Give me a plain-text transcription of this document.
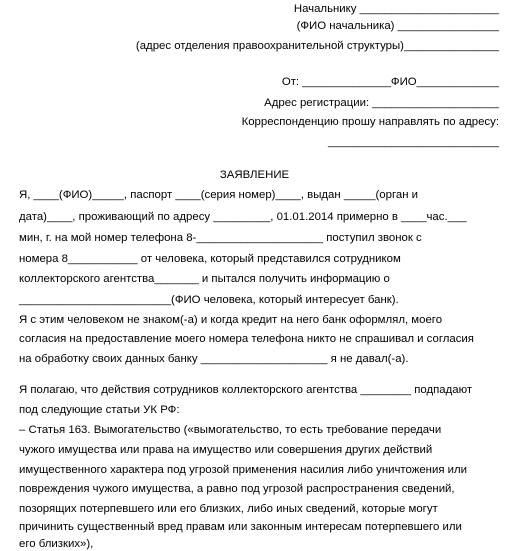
Начальнику ______________________
(ФИО начальника) ________________
(адрес отделения правоохранительной структуры)_______________
От: ______________ФИО_____________
Адрес регистрации: ____________________
Корреспонденцию прошу направлять по адресу:
___________________________
ЗАЯВЛЕНИЕ
Я, ____(ФИО)_____, паспорт ____(серия номер)____, выдан _____(орган и
дата)____, проживающий по адресу _________, 01.01.2014 примерно в ____час.___
мин, г. на мой номер телефона 8-____________________ поступил звонок с
номера 8___________ от человека, который представился сотрудником
коллекторского агентства_______ и пытался получить информацию о
________________________(ФИО человека, который интересует банк).
Я с этим человеком не знаком(-а) и когда кредит на него банк оформлял, моего
согласия на предоставление моего номера телефона никто не спрашивал и согласия
на обработку своих данных банку ____________________ я не давал(-а).
Я полагаю, что действия сотрудников коллекторского агентства ________ подпадают
под следующие статьи УК РФ:
– Статья 163. Вымогательство («вымогательство, то есть требование передачи
чужого имущества или права на имущество или совершения других действий
имущественного характера под угрозой применения насилия либо уничтожения или
повреждения чужого имущества, а равно под угрозой распространения сведений,
позорящих потерпевшего или его близких, либо иных сведений, которые могут
причинить существенный вред правам или законным интересам потерпевшего или
его близких»),
